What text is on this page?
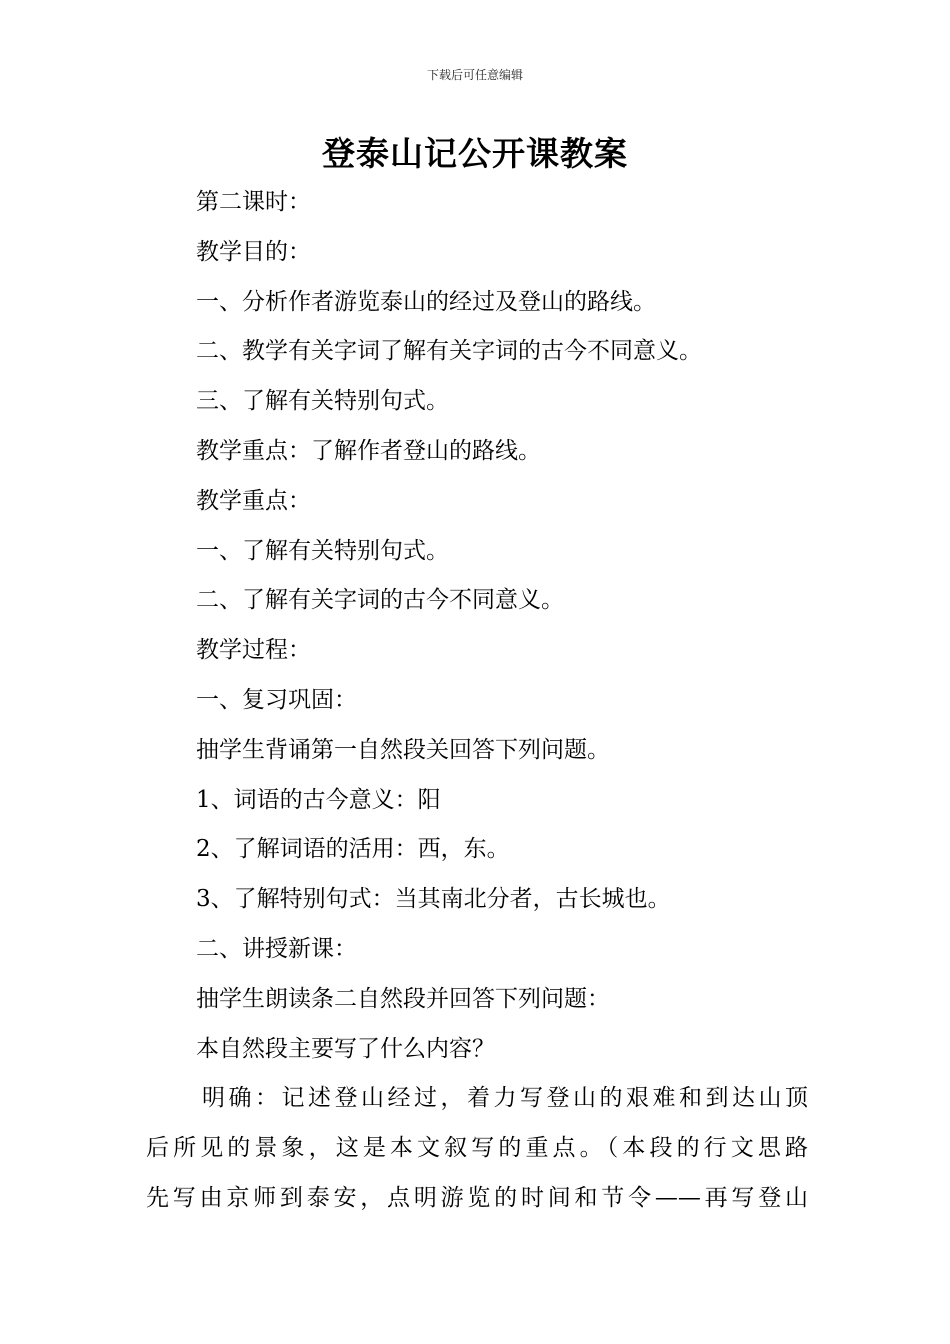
下载后可任意编辑
登泰山记公开课教案
第二课时：
教学目的：
一、分析作者游览泰山的经过及登山的路线。
二、教学有关字词了解有关字词的古今不同意义。
三、了解有关特别句式。
教学重点：了解作者登山的路线。
教学重点：
一、了解有关特别句式。
二、了解有关字词的古今不同意义。
教学过程：
一、复习巩固：
抽学生背诵第一自然段关回答下列问题。
1、词语的古今意义：阳
2、了解词语的活用：西，东。
3、了解特别句式：当其南北分者，古长城也。
二、讲授新课：
抽学生朗读条二自然段并回答下列问题：
本自然段主要写了什么内容？
明确：记述登山经过，着力写登山的艰难和到达山顶
后所见的景象，这是本文叙写的重点。（本段的行文思路
先写由京师到泰安，点明游览的时间和节令——再写登山
